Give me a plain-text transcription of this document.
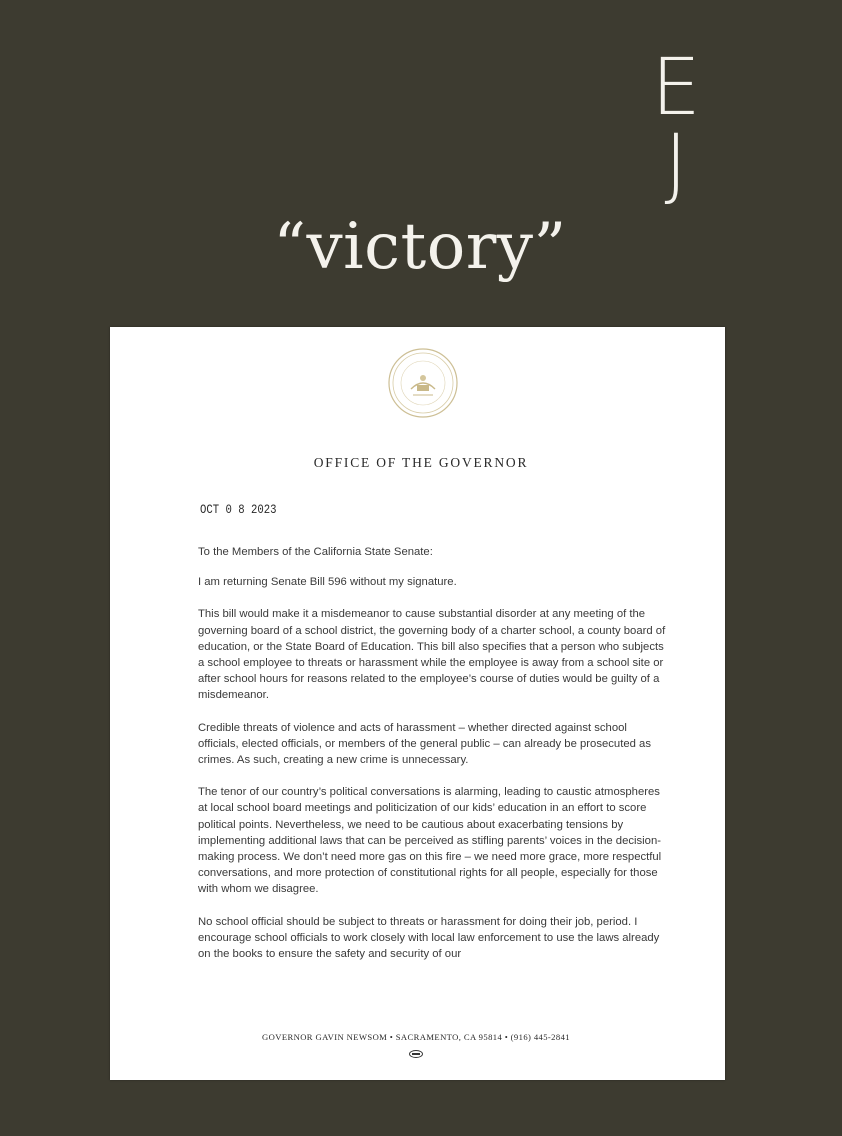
E
J
“victory”
OFFICE OF THE GOVERNOR
OCT 0 8 2023

To the Members of the California State Senate:

I am returning Senate Bill 596 without my signature.

This bill would make it a misdemeanor to cause substantial disorder at any meeting of the governing board of a school district, the governing body of a charter school, a county board of education, or the State Board of Education. This bill also specifies that a person who subjects a school employee to threats or harassment while the employee is away from a school site or after school hours for reasons related to the employee’s course of duties would be guilty of a misdemeanor.

Credible threats of violence and acts of harassment – whether directed against school officials, elected officials, or members of the general public – can already be prosecuted as crimes. As such, creating a new crime is unnecessary.

The tenor of our country’s political conversations is alarming, leading to caustic atmospheres at local school board meetings and politicization of our kids’ education in an effort to score political points. Nevertheless, we need to be cautious about exacerbating tensions by implementing additional laws that can be perceived as stifling parents’ voices in the decision-making process. We don’t need more gas on this fire – we need more grace, more respectful conversations, and more protection of constitutional rights for all people, especially for those with whom we disagree.

No school official should be subject to threats or harassment for doing their job, period. I encourage school officials to work closely with local law enforcement to use the laws already on the books to ensure the safety and security of our

GOVERNOR GAVIN NEWSOM • SACRAMENTO, CA 95814 • (916) 445-2841
